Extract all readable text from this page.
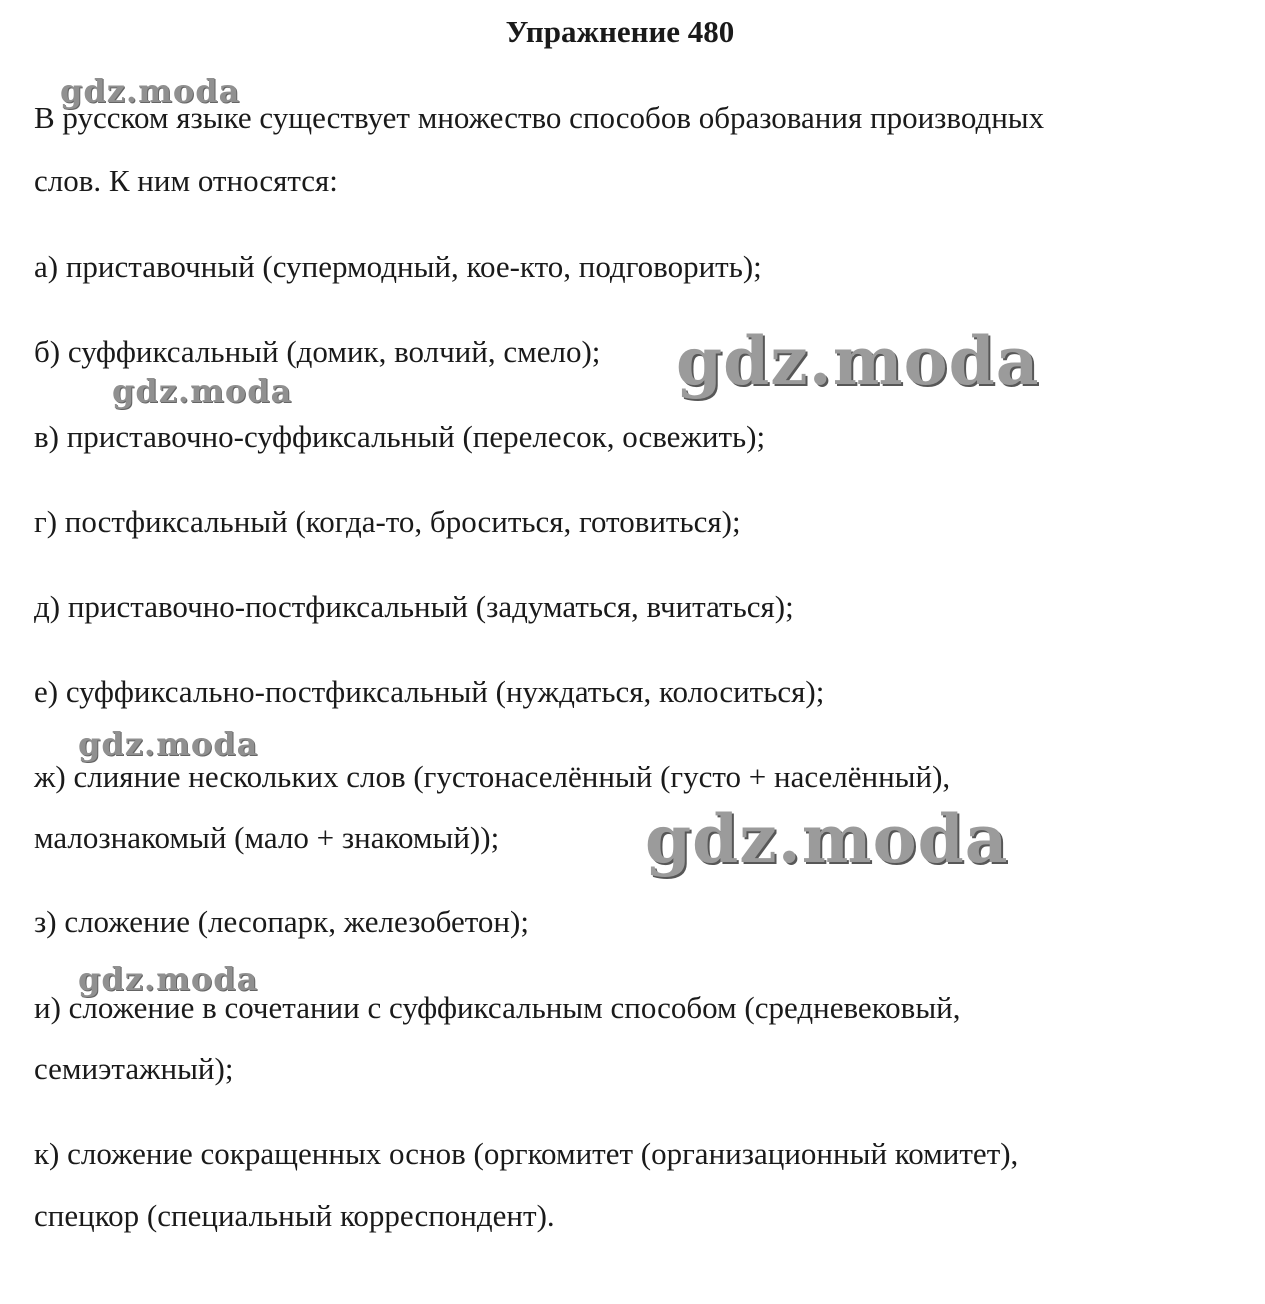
Упражнение 480
В русском языке существует множество способов образования производных
слов. К ним относятся:
а) приставочный (супермодный, кое-кто, подговорить);
б) суффиксальный (домик, волчий, смело);
в) приставочно-суффиксальный (перелесок, освежить);
г) постфиксальный (когда-то, броситься, готовиться);
д) приставочно-постфиксальный (задуматься, вчитаться);
е) суффиксально-постфиксальный (нуждаться, колоситься);
ж) слияние нескольких слов (густонаселённый (густо + населённый),
малознакомый (мало + знакомый));
з) сложение (лесопарк, железобетон);
и) сложение в сочетании с суффиксальным способом (средневековый,
семиэтажный);
к) сложение сокращенных основ (оргкомитет (организационный комитет),
спецкор (специальный корреспондент).
gdz.moda
gdz.moda
gdz.moda
gdz.moda
gdz.moda
gdz.moda
